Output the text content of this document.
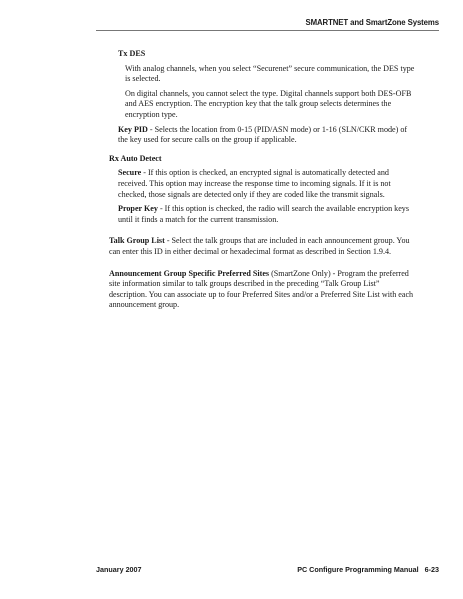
SMARTNET and SmartZone Systems

Tx DES

With analog channels, when you select “Securenet” secure communication, the DES type is selected.

On digital channels, you cannot select the type. Digital channels support both DES-OFB and AES encryption. The encryption key that the talk group selects determines the encryption type.

Key PID - Selects the location from 0-15 (PID/ASN mode) or 1-16 (SLN/CKR mode) of the key used for secure calls on the group if applicable.

Rx Auto Detect

Secure - If this option is checked, an encrypted signal is automatically detected and received. This option may increase the response time to incoming signals. If it is not checked, those signals are detected only if they are coded like the transmit signals.

Proper Key - If this option is checked, the radio will search the available encryption keys until it finds a match for the current transmission.

Talk Group List - Select the talk groups that are included in each announcement group. You can enter this ID in either decimal or hexadecimal format as described in Section 1.9.4.

Announcement Group Specific Preferred Sites (SmartZone Only) - Program the preferred site information similar to talk groups described in the preceding “Talk Group List” description. You can associate up to four Preferred Sites and/or a Preferred Site List with each announcement group.

January 2007	PC Configure Programming Manual 6-23
